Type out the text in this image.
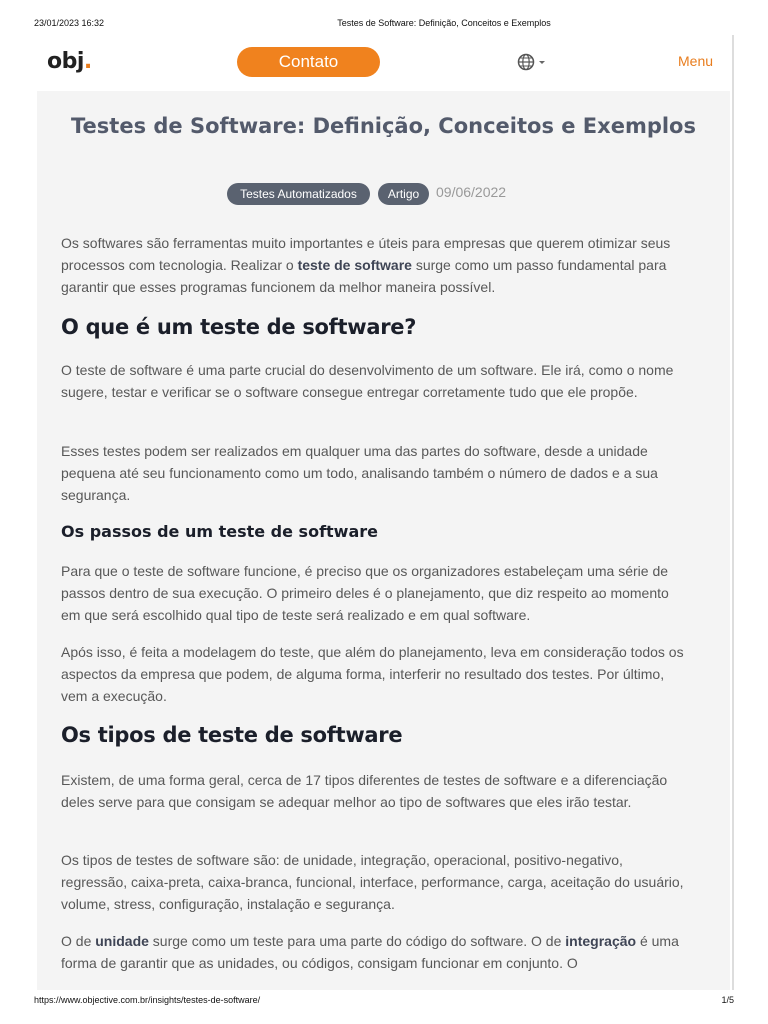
23/01/2023 16:32	Testes de Software: Definição, Conceitos e Exemplos
https://www.objective.com.br/insights/testes-de-software/	1/5
obj.	Contato	Menu
Testes de Software: Definição, Conceitos e Exemplos
Testes Automatizados	Artigo	09/06/2022

Os softwares são ferramentas muito importantes e úteis para empresas que querem otimizar seus processos com tecnologia. Realizar o teste de software surge como um passo fundamental para garantir que esses programas funcionem da melhor maneira possível.

O que é um teste de software?

O teste de software é uma parte crucial do desenvolvimento de um software. Ele irá, como o nome sugere, testar e verificar se o software consegue entregar corretamente tudo que ele propõe.

Esses testes podem ser realizados em qualquer uma das partes do software, desde a unidade pequena até seu funcionamento como um todo, analisando também o número de dados e a sua segurança.

Os passos de um teste de software

Para que o teste de software funcione, é preciso que os organizadores estabeleçam uma série de passos dentro de sua execução. O primeiro deles é o planejamento, que diz respeito ao momento em que será escolhido qual tipo de teste será realizado e em qual software.

Após isso, é feita a modelagem do teste, que além do planejamento, leva em consideração todos os aspectos da empresa que podem, de alguma forma, interferir no resultado dos testes. Por último, vem a execução.

Os tipos de teste de software

Existem, de uma forma geral, cerca de 17 tipos diferentes de testes de software e a diferenciação deles serve para que consigam se adequar melhor ao tipo de softwares que eles irão testar.

Os tipos de testes de software são: de unidade, integração, operacional, positivo-negativo, regressão, caixa-preta, caixa-branca, funcional, interface, performance, carga, aceitação do usuário, volume, stress, configuração, instalação e segurança.

O de unidade surge como um teste para uma parte do código do software. O de integração é uma forma de garantir que as unidades, ou códigos, consigam funcionar em conjunto. O
